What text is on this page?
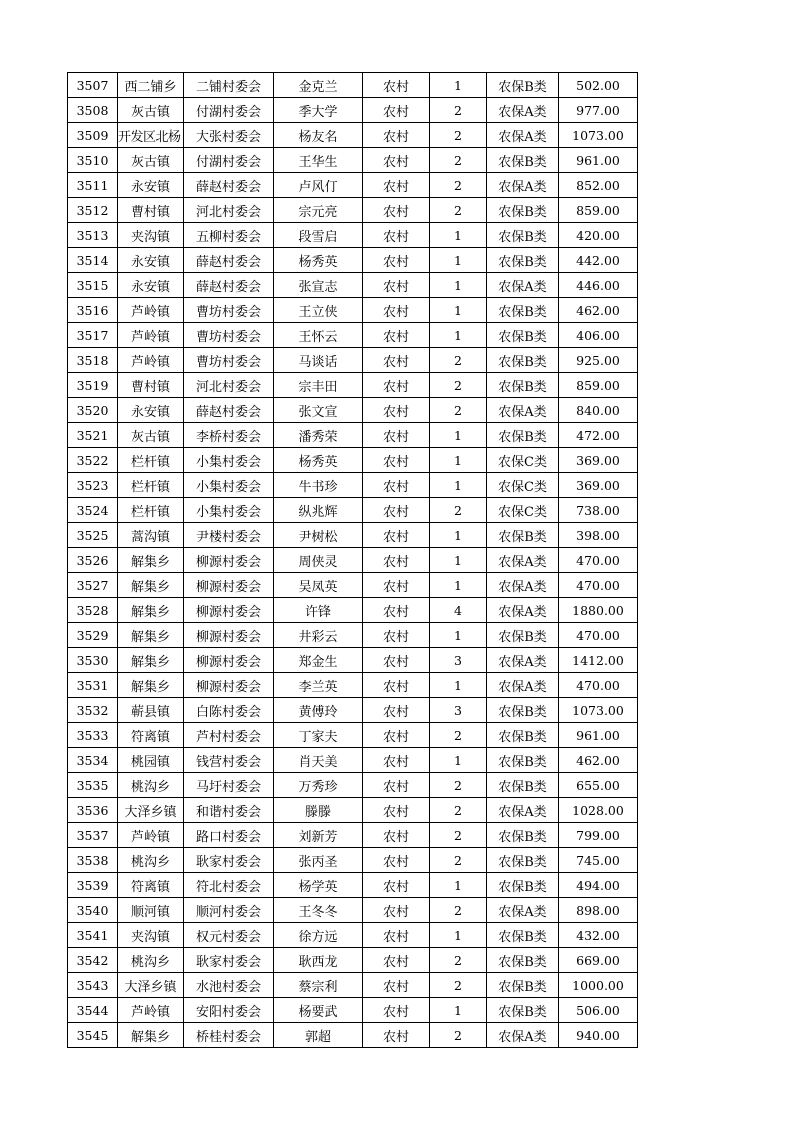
3507	西二铺乡	二铺村委会	金克兰	农村	1	农保B类	502.00
3508	灰古镇	付湖村委会	季大学	农村	2	农保A类	977.00
3509	开发区北杨	大张村委会	杨友名	农村	2	农保A类	1073.00
3510	灰古镇	付湖村委会	王华生	农村	2	农保B类	961.00
3511	永安镇	薛赵村委会	卢风仃	农村	2	农保A类	852.00
3512	曹村镇	河北村委会	宗元亮	农村	2	农保B类	859.00
3513	夹沟镇	五柳村委会	段雪启	农村	1	农保B类	420.00
3514	永安镇	薛赵村委会	杨秀英	农村	1	农保B类	442.00
3515	永安镇	薛赵村委会	张宣志	农村	1	农保A类	446.00
3516	芦岭镇	曹坊村委会	王立侠	农村	1	农保B类	462.00
3517	芦岭镇	曹坊村委会	王怀云	农村	1	农保B类	406.00
3518	芦岭镇	曹坊村委会	马谈话	农村	2	农保B类	925.00
3519	曹村镇	河北村委会	宗丰田	农村	2	农保B类	859.00
3520	永安镇	薛赵村委会	张文宣	农村	2	农保A类	840.00
3521	灰古镇	李桥村委会	潘秀荣	农村	1	农保B类	472.00
3522	栏杆镇	小集村委会	杨秀英	农村	1	农保C类	369.00
3523	栏杆镇	小集村委会	牛书珍	农村	1	农保C类	369.00
3524	栏杆镇	小集村委会	纵兆辉	农村	2	农保C类	738.00
3525	蒿沟镇	尹楼村委会	尹树松	农村	1	农保B类	398.00
3526	解集乡	柳源村委会	周侠灵	农村	1	农保A类	470.00
3527	解集乡	柳源村委会	吴凤英	农村	1	农保A类	470.00
3528	解集乡	柳源村委会	许锋	农村	4	农保A类	1880.00
3529	解集乡	柳源村委会	井彩云	农村	1	农保B类	470.00
3530	解集乡	柳源村委会	郑金生	农村	3	农保A类	1412.00
3531	解集乡	柳源村委会	李兰英	农村	1	农保A类	470.00
3532	蕲县镇	白陈村委会	黄傅玲	农村	3	农保B类	1073.00
3533	符离镇	芦村村委会	丁家夫	农村	2	农保B类	961.00
3534	桃园镇	钱营村委会	肖天美	农村	1	农保B类	462.00
3535	桃沟乡	马圩村委会	万秀珍	农村	2	农保B类	655.00
3536	大泽乡镇	和谐村委会	滕滕	农村	2	农保A类	1028.00
3537	芦岭镇	路口村委会	刘新芳	农村	2	农保B类	799.00
3538	桃沟乡	耿家村委会	张丙圣	农村	2	农保B类	745.00
3539	符离镇	符北村委会	杨学英	农村	1	农保B类	494.00
3540	顺河镇	顺河村委会	王冬冬	农村	2	农保A类	898.00
3541	夹沟镇	权元村委会	徐方远	农村	1	农保B类	432.00
3542	桃沟乡	耿家村委会	耿西龙	农村	2	农保B类	669.00
3543	大泽乡镇	水池村委会	蔡宗利	农村	2	农保B类	1000.00
3544	芦岭镇	安阳村委会	杨要武	农村	1	农保B类	506.00
3545	解集乡	桥桂村委会	郭超	农村	2	农保A类	940.00
